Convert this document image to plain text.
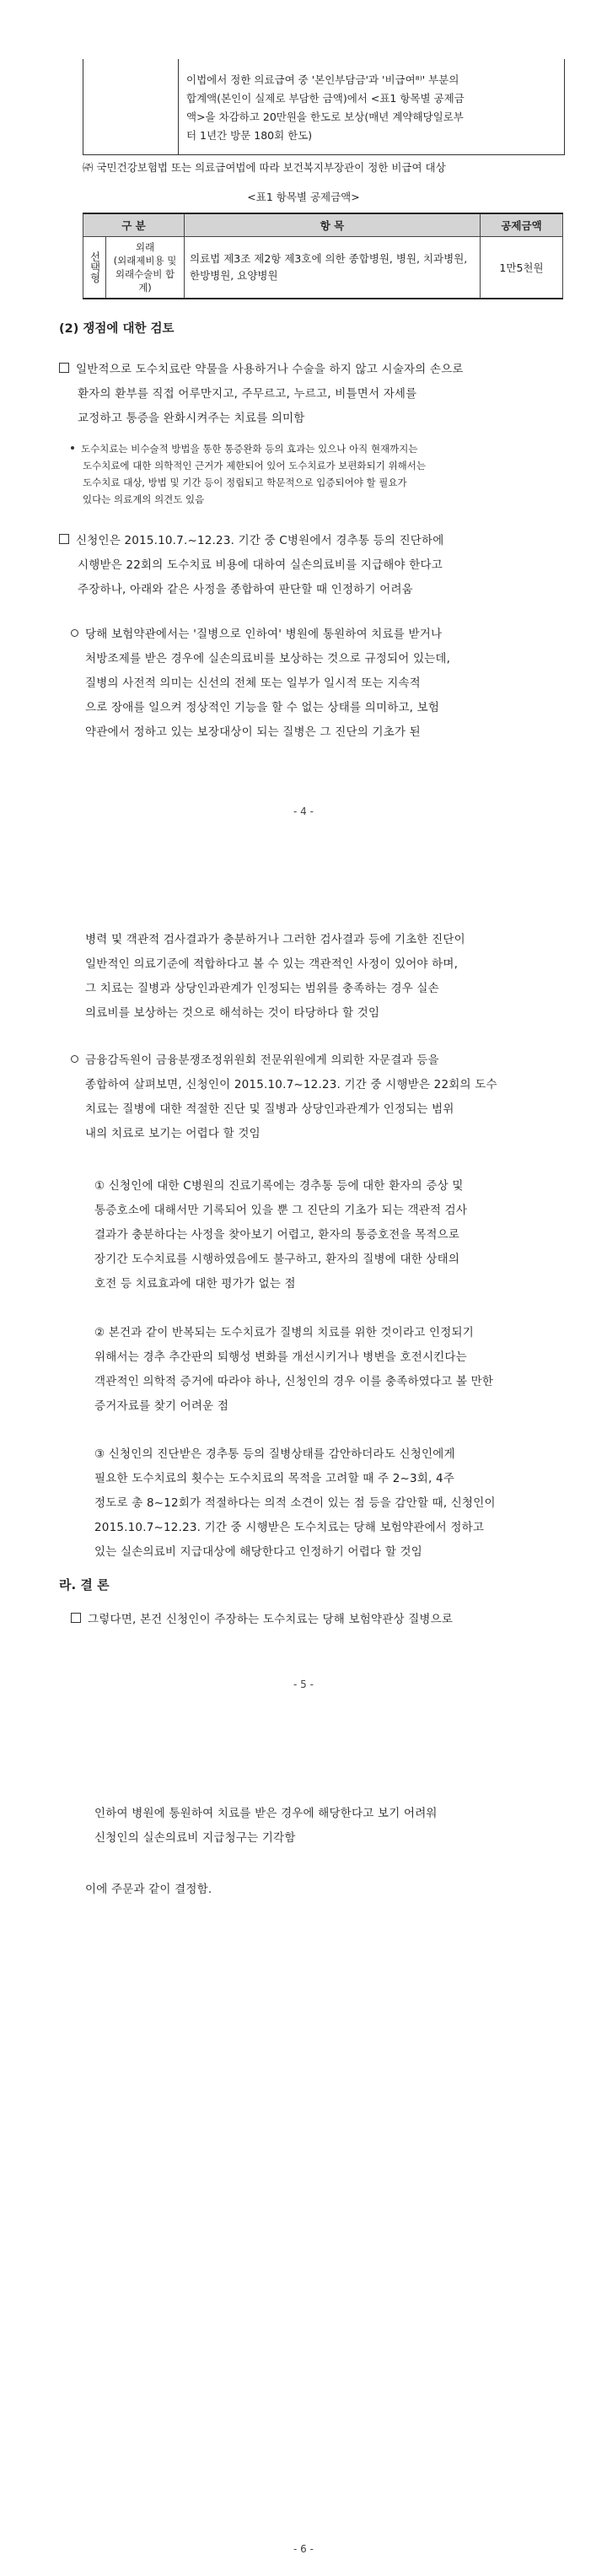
이법에서 정한 의료급여 중 '본인부담금'과 '비급여⁸⁾' 부분의
합계액(본인이 실제로 부담한 금액)에서 <표1 항목별 공제금
액>을 차감하고 20만원을 한도로 보상(매년 계약해당일로부
터 1년간 방문 180회 한도)
㈜ 국민건강보험법 또는 의료급여법에 따라 보건복지부장관이 정한 비급여 대상
<표1 항목별 공제금액>
구 분		항 목	공제금액
선택형	외래
(외래제비용 및 외래수술비 합계)	의료법 제3조 제2항 제3호에 의한 종합병원, 병원, 치과병원, 한방병원, 요양병원	1만5천원
(2) 쟁점에 대한 검토
일반적으로 도수치료란 약물을 사용하거나 수술을 하지 않고 시술자의 손으로
환자의 환부를 직접 어루만지고, 주무르고, 누르고, 비틀면서 자세를
교정하고 통증을 완화시켜주는 치료를 의미함
도수치료는 비수술적 방법을 통한 통증완화 등의 효과는 있으나 아직 현재까지는
도수치료에 대한 의학적인 근거가 제한되어 있어 도수치료가 보편화되기 위해서는
도수치료 대상, 방법 및 기간 등이 정립되고 학문적으로 입증되어야 할 필요가
있다는 의료계의 의견도 있음
신청인은 2015.10.7.~12.23. 기간 중 C병원에서 경추통 등의 진단하에
시행받은 22회의 도수치료 비용에 대하여 실손의료비를 지급해야 한다고
주장하나, 아래와 같은 사정을 종합하여 판단할 때 인정하기 어려움
당해 보험약관에서는 '질병으로 인하여' 병원에 통원하여 치료를 받거나
처방조제를 받은 경우에 실손의료비를 보상하는 것으로 규정되어 있는데,
질병의 사전적 의미는 신선의 전체 또는 일부가 일시적 또는 지속적
으로 장애를 일으켜 정상적인 기능을 할 수 없는 상태를 의미하고, 보험
약관에서 정하고 있는 보장대상이 되는 질병은 그 진단의 기초가 된
- 4 -
병력 및 객관적 검사결과가 충분하거나 그러한 검사결과 등에 기초한 진단이
일반적인 의료기준에 적합하다고 볼 수 있는 객관적인 사정이 있어야 하며,
그 치료는 질병과 상당인과관계가 인정되는 범위를 충족하는 경우 실손
의료비를 보상하는 것으로 해석하는 것이 타당하다 할 것임
금융감독원이 금융분쟁조정위원회 전문위원에게 의뢰한 자문결과 등을
종합하여 살펴보면, 신청인이 2015.10.7~12.23. 기간 중 시행받은 22회의 도수
치료는 질병에 대한 적절한 진단 및 질병과 상당인과관계가 인정되는 범위
내의 치료로 보기는 어렵다 할 것임
① 신청인에 대한 C병원의 진료기록에는 경추통 등에 대한 환자의 증상 및
통증호소에 대해서만 기록되어 있을 뿐 그 진단의 기초가 되는 객관적 검사
결과가 충분하다는 사정을 찾아보기 어렵고, 환자의 통증호전을 목적으로
장기간 도수치료를 시행하였음에도 불구하고, 환자의 질병에 대한 상태의
호전 등 치료효과에 대한 평가가 없는 점
② 본건과 같이 반복되는 도수치료가 질병의 치료를 위한 것이라고 인정되기
위해서는 경추 추간판의 퇴행성 변화를 개선시키거나 병변을 호전시킨다는
객관적인 의학적 증거에 따라야 하나, 신청인의 경우 이를 충족하였다고 볼 만한
증거자료를 찾기 어려운 점
③ 신청인의 진단받은 경추통 등의 질병상태를 감안하더라도 신청인에게
필요한 도수치료의 횟수는 도수치료의 목적을 고려할 때 주 2~3회, 4주
정도로 총 8~12회가 적절하다는 의적 소견이 있는 점 등을 감안할 때, 신청인이
2015.10.7~12.23. 기간 중 시행받은 도수치료는 당해 보험약관에서 정하고
있는 실손의료비 지급대상에 해당한다고 인정하기 어렵다 할 것임
라. 결 론
그렇다면, 본건 신청인이 주장하는 도수치료는 당해 보험약관상 질병으로
- 5 -
인하여 병원에 통원하여 치료를 받은 경우에 해당한다고 보기 어려워
신청인의 실손의료비 지급청구는 기각함
이에 주문과 같이 결정함.
- 6 -
